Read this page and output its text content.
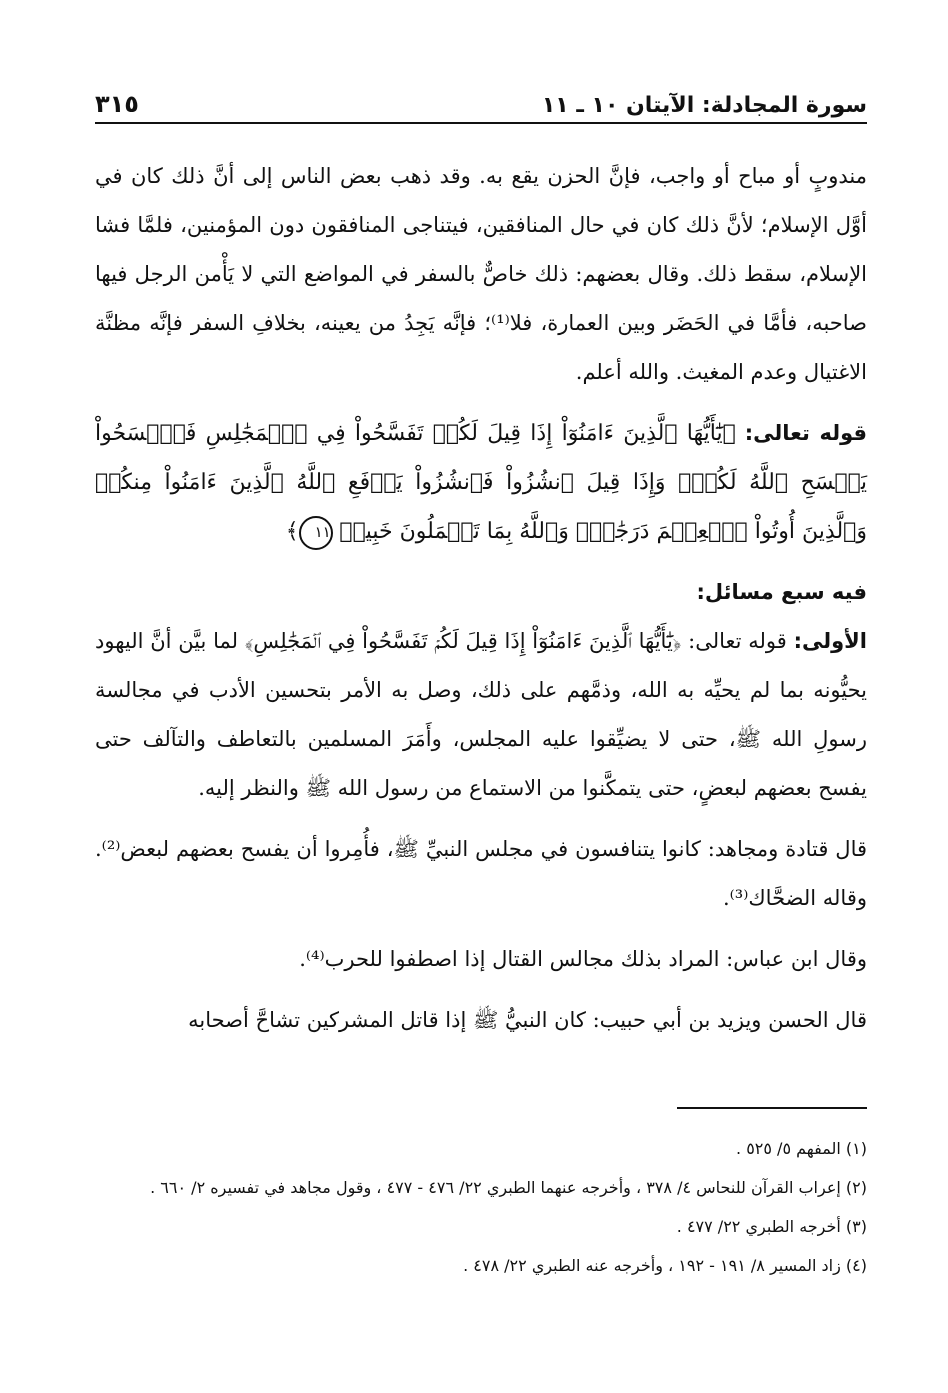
سورة المجادلة: الآيتان ١٠ ـ ١١
٣١٥

مندوبٍ أو مباح أو واجب، فإنَّ الحزن يقع به. وقد ذهب بعض الناس إلى أنَّ ذلك كان في أوَّل الإسلام؛ لأنَّ ذلك كان في حال المنافقين، فيتناجى المنافقون دون المؤمنين، فلمَّا فشا الإسلام، سقط ذلك. وقال بعضهم: ذلك خاصٌّ بالسفر في المواضع التي لا يَأْمن الرجل فيها صاحبه، فأمَّا في الحَضَر وبين العمارة، فلا⁽¹⁾؛ فإنَّه يَجِدُ من يعينه، بخلافِ السفر فإنَّه مظنَّة الاغتيال وعدم المغيث. والله أعلم.

قوله تعالى: ﴿يَٰٓأَيُّهَا ٱلَّذِينَ ءَامَنُوٓاْ إِذَا قِيلَ لَكُمۡ تَفَسَّحُواْ فِي ٱلۡمَجَٰلِسِ فَٱفۡسَحُواْ يَفۡسَحِ ٱللَّهُ لَكُمۡۖ وَإِذَا قِيلَ ٱنشُزُواْ فَٱنشُزُواْ يَرۡفَعِ ٱللَّهُ ٱلَّذِينَ ءَامَنُواْ مِنكُمۡ وَٱلَّذِينَ أُوتُواْ ٱلۡعِلۡمَ دَرَجَٰتٖۚ وَٱللَّهُ بِمَا تَعۡمَلُونَ خَبِيرٞ ١١﴾

فيه سبع مسائل:

الأولى: قوله تعالى: ﴿يَٰٓأَيُّهَا ٱلَّذِينَ ءَامَنُوٓاْ إِذَا قِيلَ لَكُمۡ تَفَسَّحُواْ فِي ٱلۡمَجَٰلِسِ﴾ لما بيَّن أنَّ اليهود يحيُّونه بما لم يحيِّه به الله، وذمَّهم على ذلك، وصل به الأمر بتحسين الأدب في مجالسة رسولِ الله ﷺ، حتى لا يضيِّقوا عليه المجلس، وأَمَرَ المسلمين بالتعاطف والتآلف حتى يفسح بعضهم لبعضٍ، حتى يتمكَّنوا من الاستماع من رسول الله ﷺ والنظر إليه.

قال قتادة ومجاهد: كانوا يتنافسون في مجلس النبيِّ ﷺ، فأُمِروا أن يفسح بعضهم لبعض⁽²⁾. وقاله الضحَّاك⁽³⁾.

وقال ابن عباس: المراد بذلك مجالس القتال إذا اصطفوا للحرب⁽⁴⁾.

قال الحسن ويزيد بن أبي حبيب: كان النبيُّ ﷺ إذا قاتل المشركين تشاحَّ أصحابه

(١) المفهم ٥/ ٥٢٥ .

(٢) إعراب القرآن للنحاس ٤/ ٣٧٨ ، وأخرجه عنهما الطبري ٢٢/ ٤٧٦ - ٤٧٧ ، وقول مجاهد في تفسيره ٢/ ٦٦٠ .

(٣) أخرجه الطبري ٢٢/ ٤٧٧ .

(٤) زاد المسير ٨/ ١٩١ - ١٩٢ ، وأخرجه عنه الطبري ٢٢/ ٤٧٨ .
